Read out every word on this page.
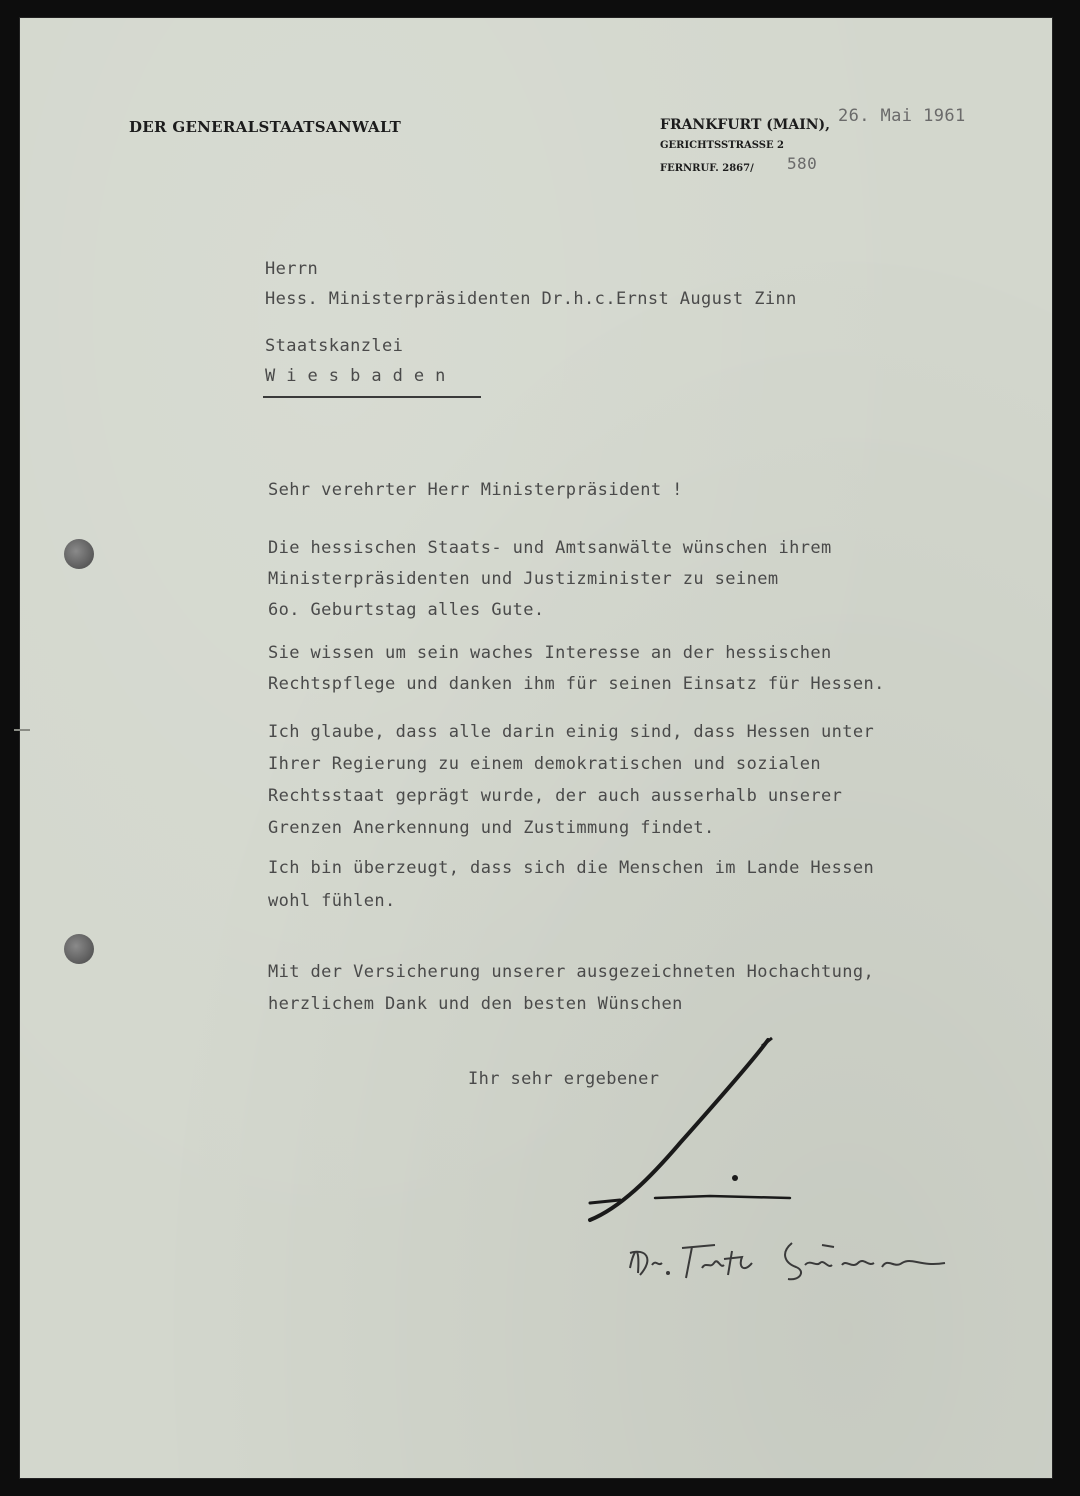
DER GENERALSTAATSANWALT	FRANKFURT (MAIN),
GERICHTSSTRASSE 2
FERNRUF. 2867/ 580
26. Mai 1961
Herrn
Hess. Ministerpräsidenten Dr.h.c.Ernst August Zinn
Staatskanzlei
W i e s b a d e n
Sehr verehrter Herr Ministerpräsident !
Die hessischen Staats- und Amtsanwälte wünschen ihrem
Ministerpräsidenten und Justizminister zu seinem
6o. Geburtstag alles Gute.
Sie wissen um sein waches Interesse an der hessischen
Rechtspflege und danken ihm für seinen Einsatz für Hessen.
Ich glaube, dass alle darin einig sind, dass Hessen unter
Ihrer Regierung zu einem demokratischen und sozialen
Rechtsstaat geprägt wurde, der auch ausserhalb unserer
Grenzen Anerkennung und Zustimmung findet.
Ich bin überzeugt, dass sich die Menschen im Lande Hessen
wohl fühlen.
Mit der Versicherung unserer ausgezeichneten Hochachtung,
herzlichem Dank und den besten Wünschen
Ihr sehr ergebener
